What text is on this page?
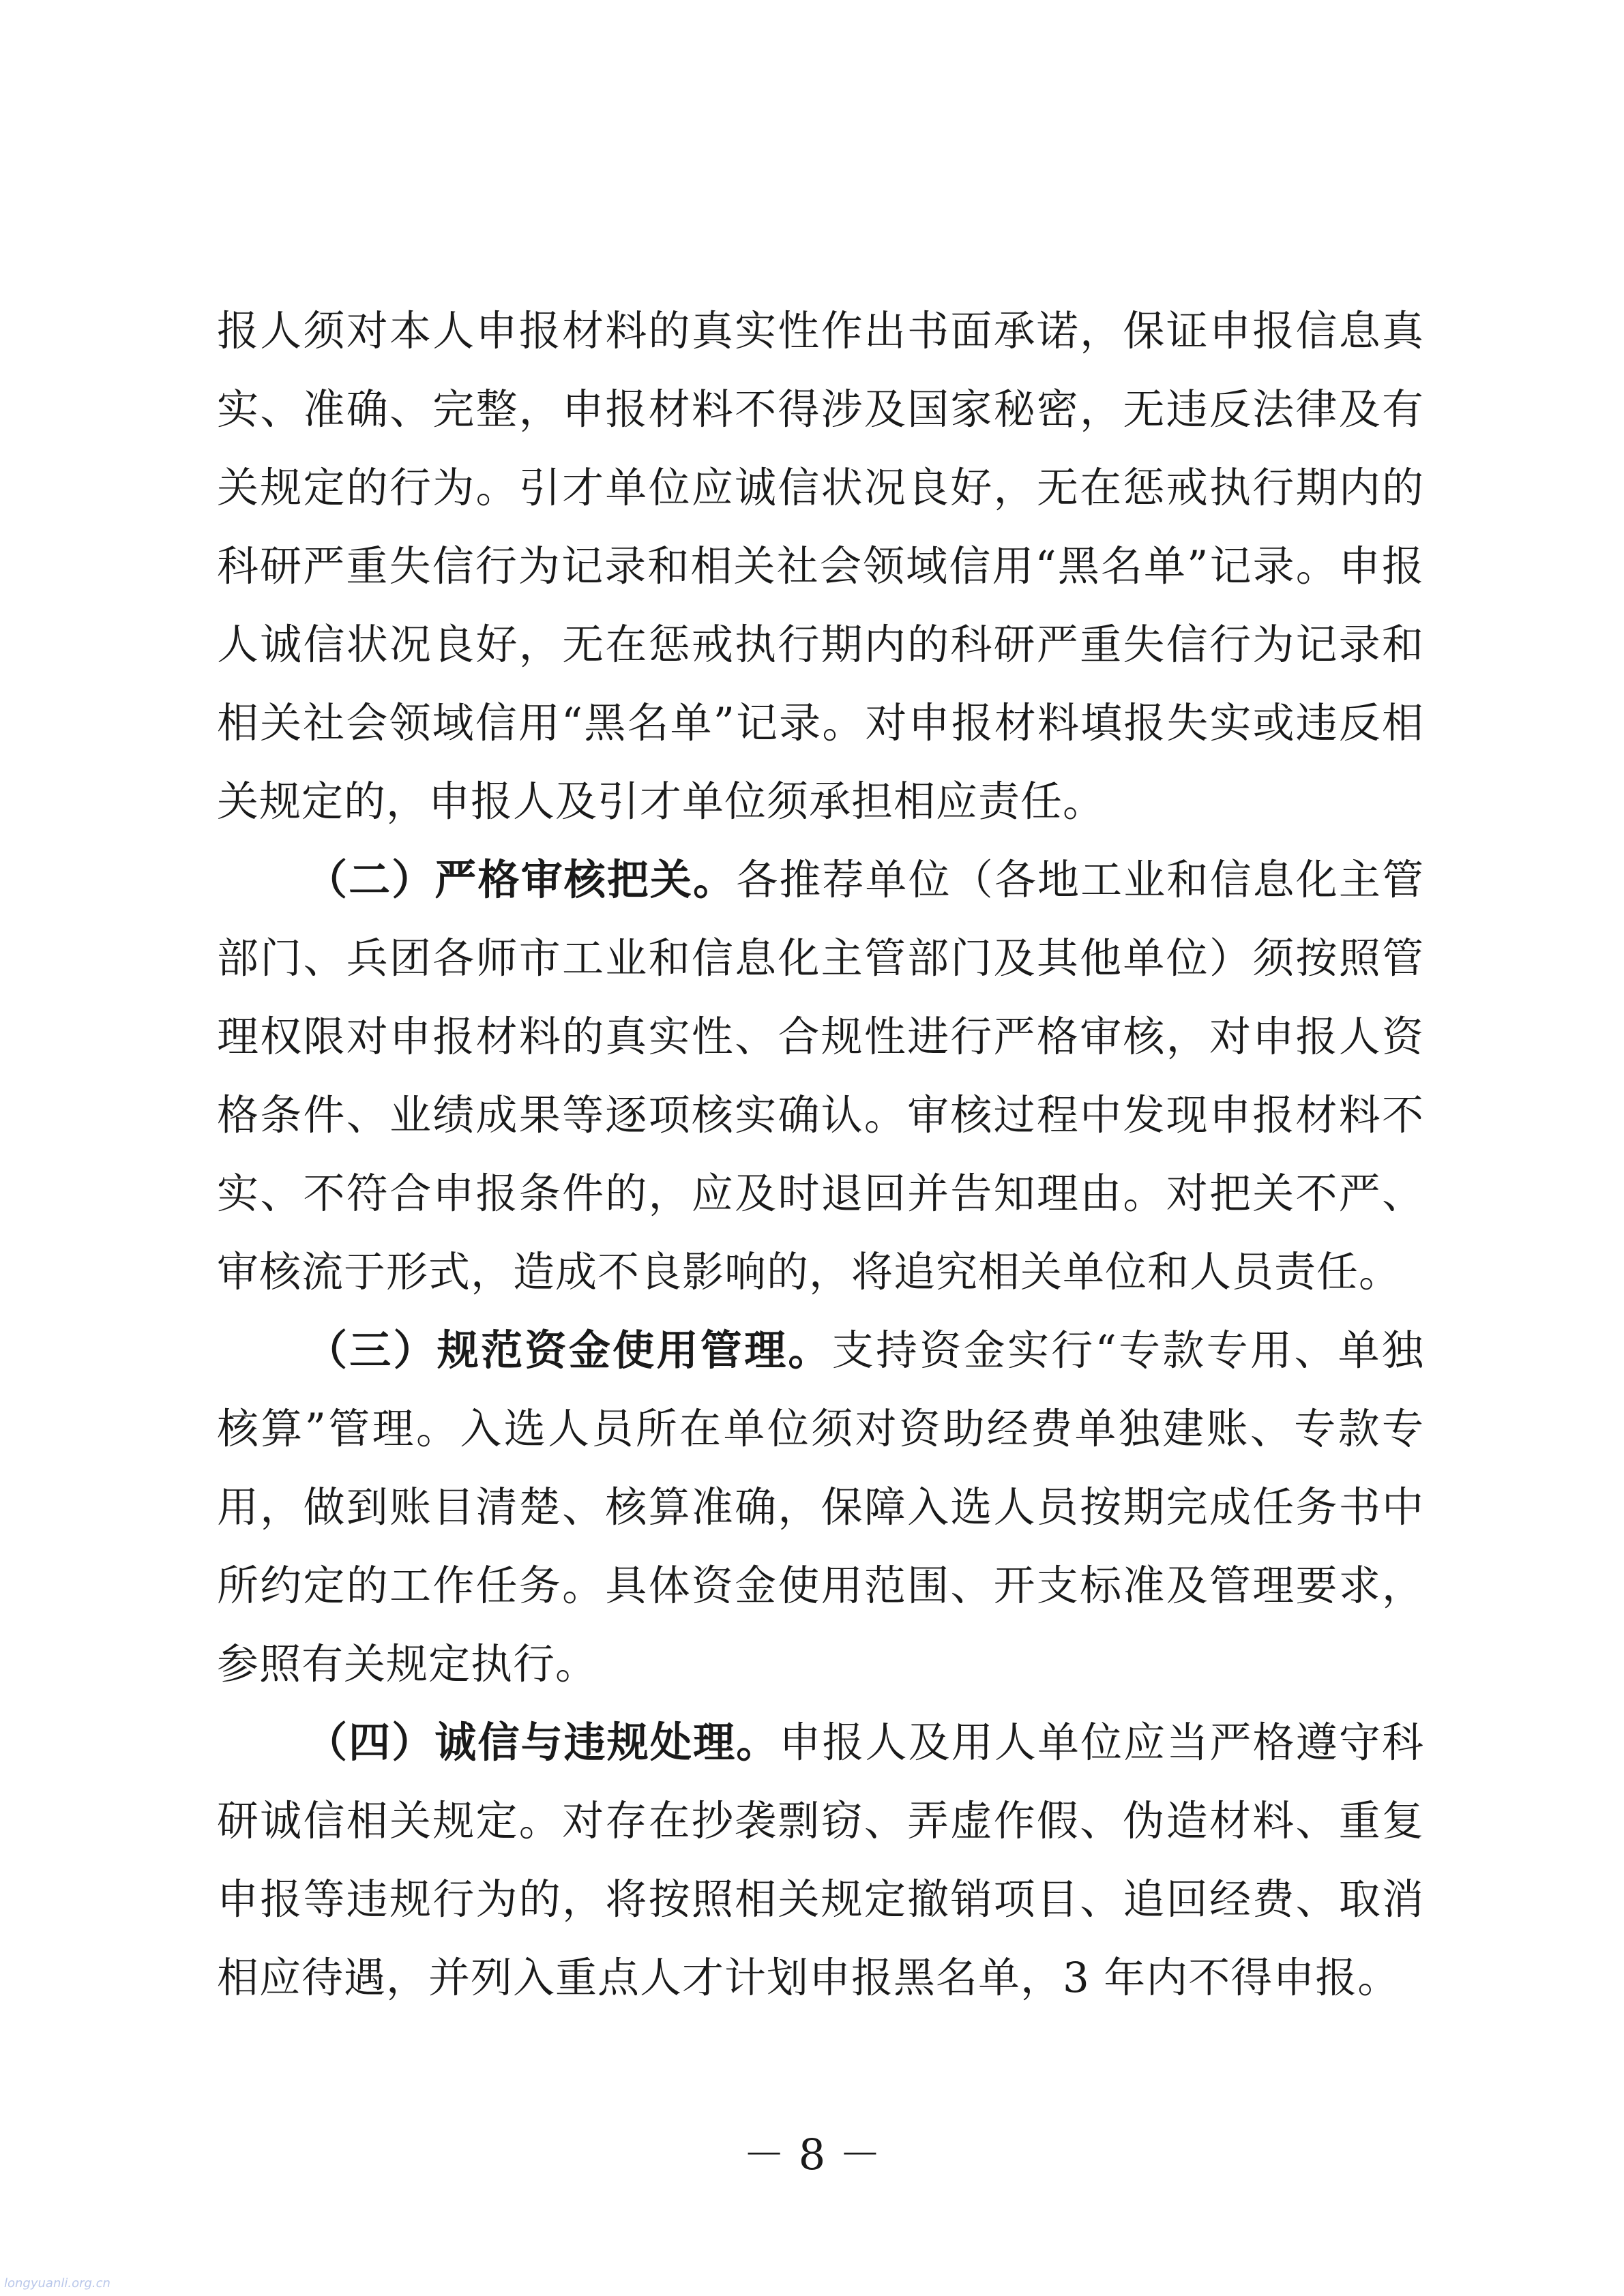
报人须对本人申报材料的真实性作出书面承诺，保证申报信息真
实、准确、完整，申报材料不得涉及国家秘密，无违反法律及有
关规定的行为。引才单位应诚信状况良好，无在惩戒执行期内的
科研严重失信行为记录和相关社会领域信用“黑名单”记录。申报
人诚信状况良好，无在惩戒执行期内的科研严重失信行为记录和
相关社会领域信用“黑名单”记录。对申报材料填报失实或违反相
关规定的，申报人及引才单位须承担相应责任。
（二）严格审核把关。各推荐单位（各地工业和信息化主管
部门、兵团各师市工业和信息化主管部门及其他单位）须按照管
理权限对申报材料的真实性、合规性进行严格审核，对申报人资
格条件、业绩成果等逐项核实确认。审核过程中发现申报材料不
实、不符合申报条件的，应及时退回并告知理由。对把关不严、
审核流于形式，造成不良影响的，将追究相关单位和人员责任。
（三）规范资金使用管理。支持资金实行“专款专用、单独
核算”管理。入选人员所在单位须对资助经费单独建账、专款专
用，做到账目清楚、核算准确，保障入选人员按期完成任务书中
所约定的工作任务。具体资金使用范围、开支标准及管理要求，
参照有关规定执行。
（四）诚信与违规处理。申报人及用人单位应当严格遵守科
研诚信相关规定。对存在抄袭剽窃、弄虚作假、伪造材料、重复
申报等违规行为的，将按照相关规定撤销项目、追回经费、取消
相应待遇，并列入重点人才计划申报黑名单，3 年内不得申报。
－ 8 －
longyuanli.org.cn
